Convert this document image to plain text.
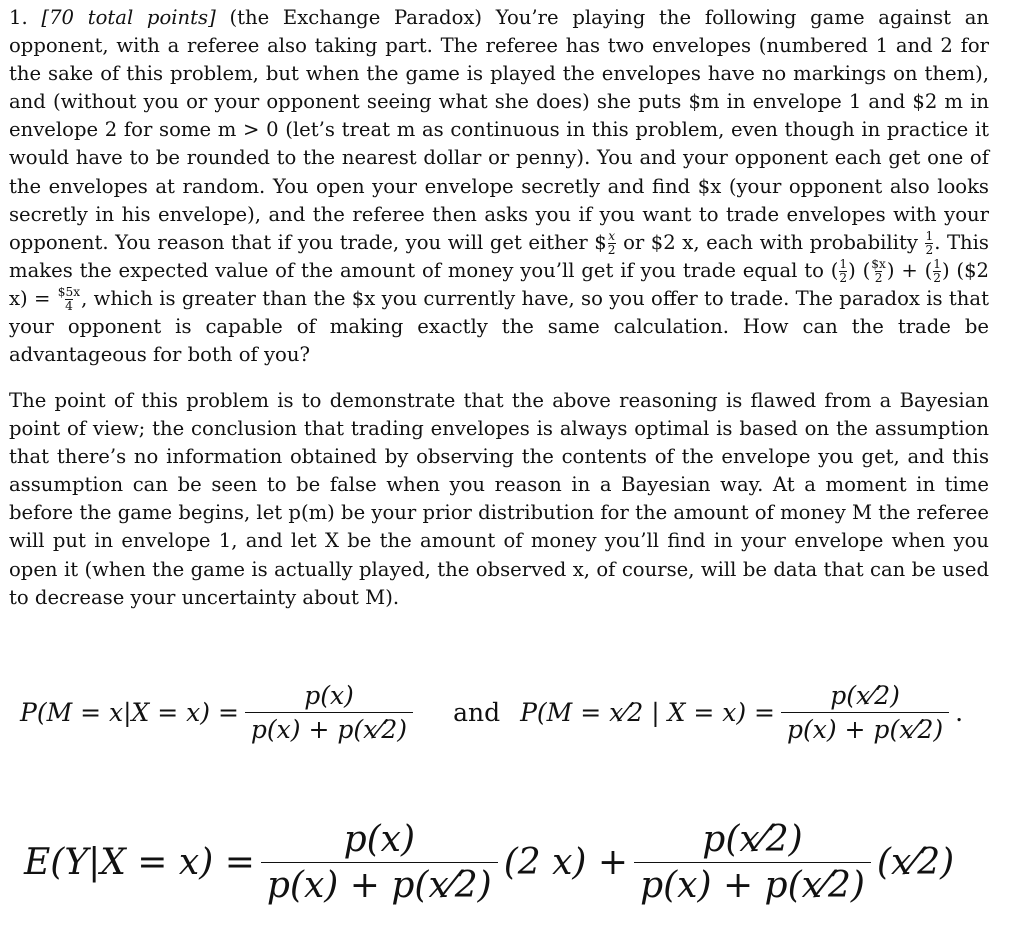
1. [70 total points] (the Exchange Paradox) You’re playing the following game against an opponent, with a referee also taking part. The referee has two envelopes (numbered 1 and 2 for the sake of this problem, but when the game is played the envelopes have no markings on them), and (without you or your opponent seeing what she does) she puts $m in envelope 1 and $2 m in envelope 2 for some m > 0 (let’s treat m as continuous in this problem, even though in practice it would have to be rounded to the nearest dollar or penny). You and your opponent each get one of the envelopes at random. You open your envelope secretly and find $x (your opponent also looks secretly in his envelope), and the referee then asks you if you want to trade envelopes with your opponent. You reason that if you trade, you will get either $ $\frac{x}{2}$ or $2 x, each with probability $\frac{1}{2}$ . This makes the expected value of the amount of money you’ll get if you trade equal to ( $\frac{1}{2}$ ) ( $\frac{\$x}{2}$ ) + ( $\frac{1}{2}$ ) ($2 $x) = \frac{\$5x}{4}$ , which is greater than the $x you currently have, so you offer to trade. The paradox is that your opponent is capable of making exactly the same calculation. How can the trade be advantageous for both of you?

The point of this problem is to demonstrate that the above reasoning is flawed from a Bayesian point of view; the conclusion that trading envelopes is always optimal is based on the assumption that there’s no information obtained by observing the contents of the envelope you get, and this assumption can be seen to be false when you reason in a Bayesian way. At a moment in time before the game begins, let p(m) be your prior distribution for the amount of money M the referee will put in envelope 1, and let X be the amount of money you’ll find in your envelope when you open it (when the game is actually played, the observed x, of course, will be data that can be used to decrease your uncertainty about M).

$P(M = x|X = x) = \frac{p(x)}{p(x) + p(x⁄2)}$ and P(M = x⁄2 | $X = x) = \frac{p(x⁄2)}{p(x) + p(x⁄2)}$ .
$E(Y|X = x) = \frac{p(x)}{p(x) + p(x⁄2)} (2$ $x) + \frac{p(x⁄2)}{p(x) + p(x⁄2)}$ (x⁄2)
